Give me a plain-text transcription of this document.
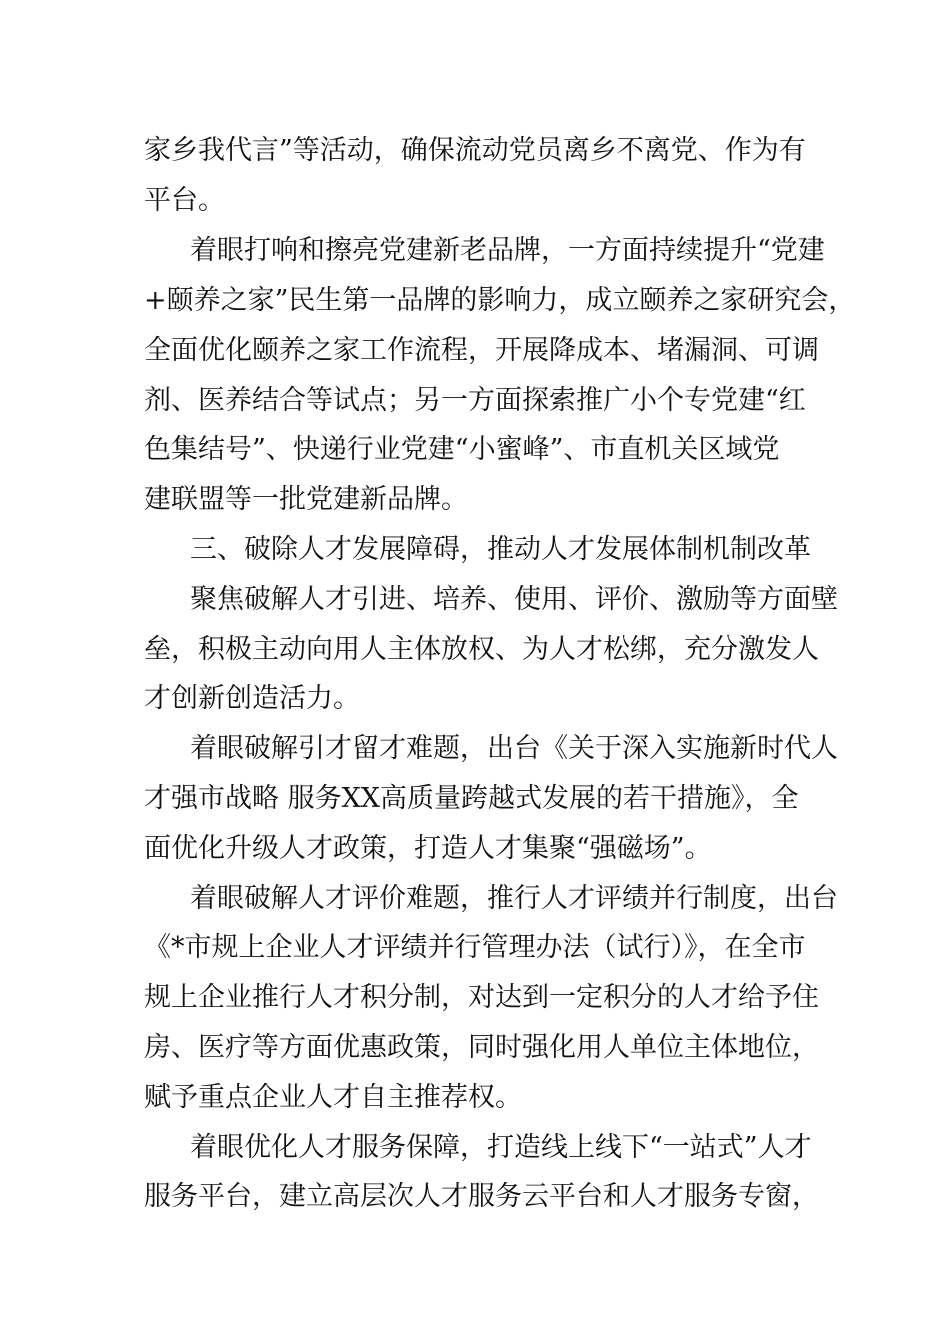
家乡我代言”等活动，确保流动党员离乡不离党、作为有
平台。
着眼打响和擦亮党建新老品牌，一方面持续提升“党建
+颐养之家”民生第一品牌的影响力，成立颐养之家研究会，
全面优化颐养之家工作流程，开展降成本、堵漏洞、可调
剂、医养结合等试点；另一方面探索推广小个专党建“红
色集结号”、快递行业党建“小蜜峰”、市直机关区域党
建联盟等一批党建新品牌。
三、破除人才发展障碍，推动人才发展体制机制改革
聚焦破解人才引进、培养、使用、评价、激励等方面壁
垒，积极主动向用人主体放权、为人才松绑，充分激发人
才创新创造活力。
着眼破解引才留才难题，出台《关于深入实施新时代人
才强市战略 服务XX高质量跨越式发展的若干措施》，全
面优化升级人才政策，打造人才集聚“强磁场”。
着眼破解人才评价难题，推行人才评绩并行制度，出台
《*市规上企业人才评绩并行管理办法（试行）》，在全市
规上企业推行人才积分制，对达到一定积分的人才给予住
房、医疗等方面优惠政策，同时强化用人单位主体地位，
赋予重点企业人才自主推荐权。
着眼优化人才服务保障，打造线上线下“一站式”人才
服务平台，建立高层次人才服务云平台和人才服务专窗，
